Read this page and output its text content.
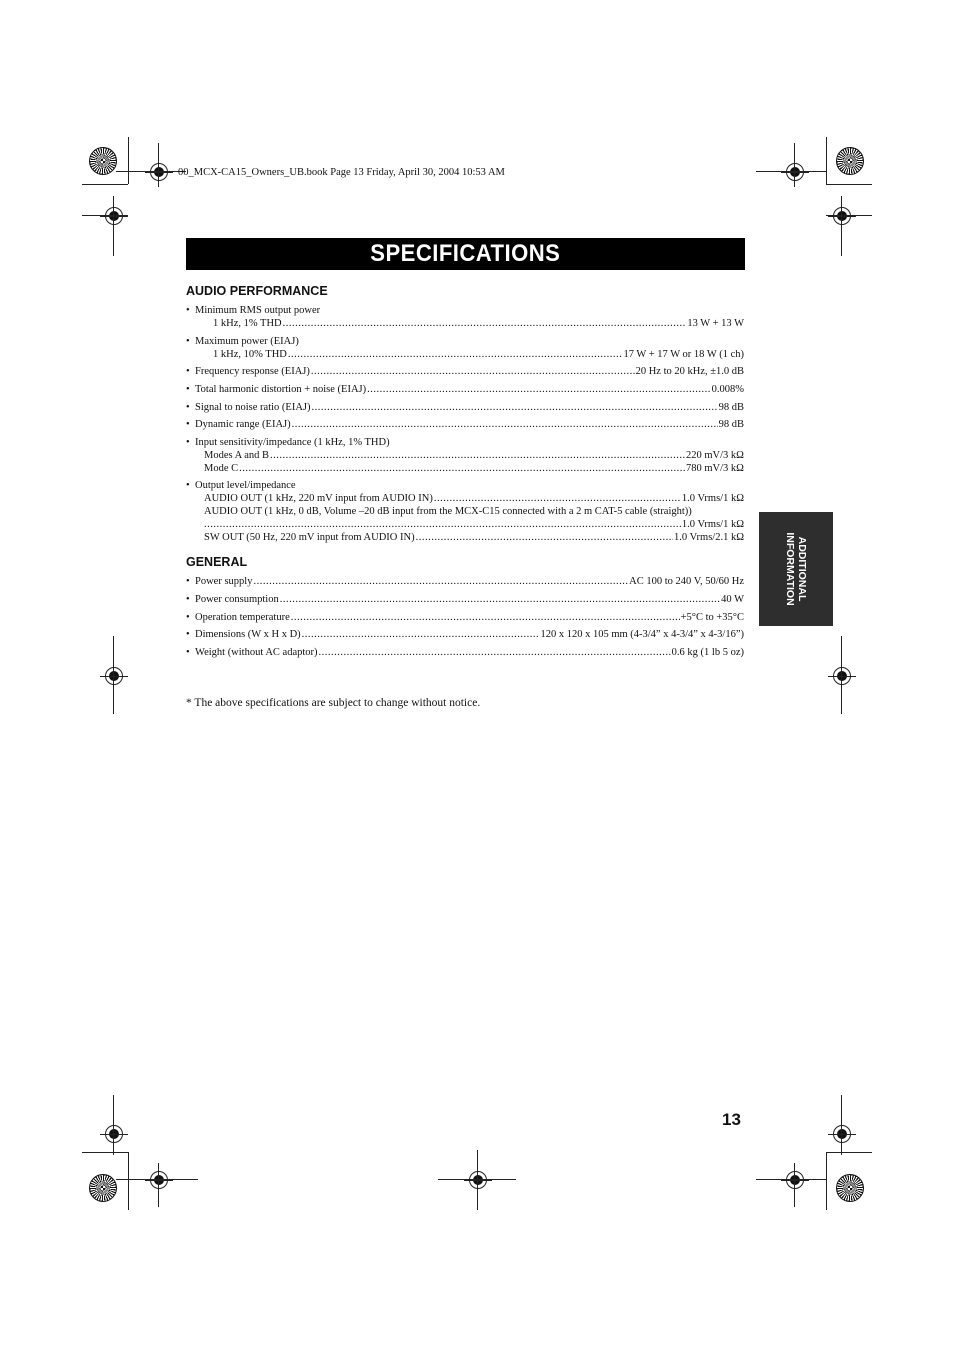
00_MCX-CA15_Owners_UB.book Page 13 Friday, April 30, 2004 10:53 AM
SPECIFICATIONS
AUDIO PERFORMANCE
• Minimum RMS output power
1 kHz, 1% THD .....	13 W + 13 W
• Maximum power (EIAJ)
1 kHz, 10% THD .....	17 W + 17 W or 18 W (1 ch)
• Frequency response (EIAJ) .....	20 Hz to 20 kHz, ±1.0 dB
• Total harmonic distortion + noise (EIAJ) .....	0.008%
• Signal to noise ratio (EIAJ) .....	98 dB
• Dynamic range (EIAJ) .....	98 dB
• Input sensitivity/impedance (1 kHz, 1% THD)
Modes A and B .....	220 mV/3 kΩ
Mode C .....	780 mV/3 kΩ
• Output level/impedance
AUDIO OUT (1 kHz, 220 mV input from AUDIO IN) .....	1.0 Vrms/1 kΩ
AUDIO OUT (1 kHz, 0 dB, Volume –20 dB input from the MCX-C15 connected with a 2 m CAT-5 cable (straight))
.....
1.0 Vrms/1 kΩ
SW OUT (50 Hz, 220 mV input from AUDIO IN) .....	1.0 Vrms/2.1 kΩ
GENERAL
• Power supply .....	AC 100 to 240 V, 50/60 Hz
• Power consumption .....	40 W
• Operation temperature .....	+5°C to +35°C
• Dimensions (W x H x D) .....	120 x 120 x 105 mm (4-3/4” x 4-3/4” x 4-3/16”)
• Weight (without AC adaptor) .....	0.6 kg (1 lb 5 oz)
* The above specifications are subject to change without notice.
ADDITIONAL
INFORMATION
13
